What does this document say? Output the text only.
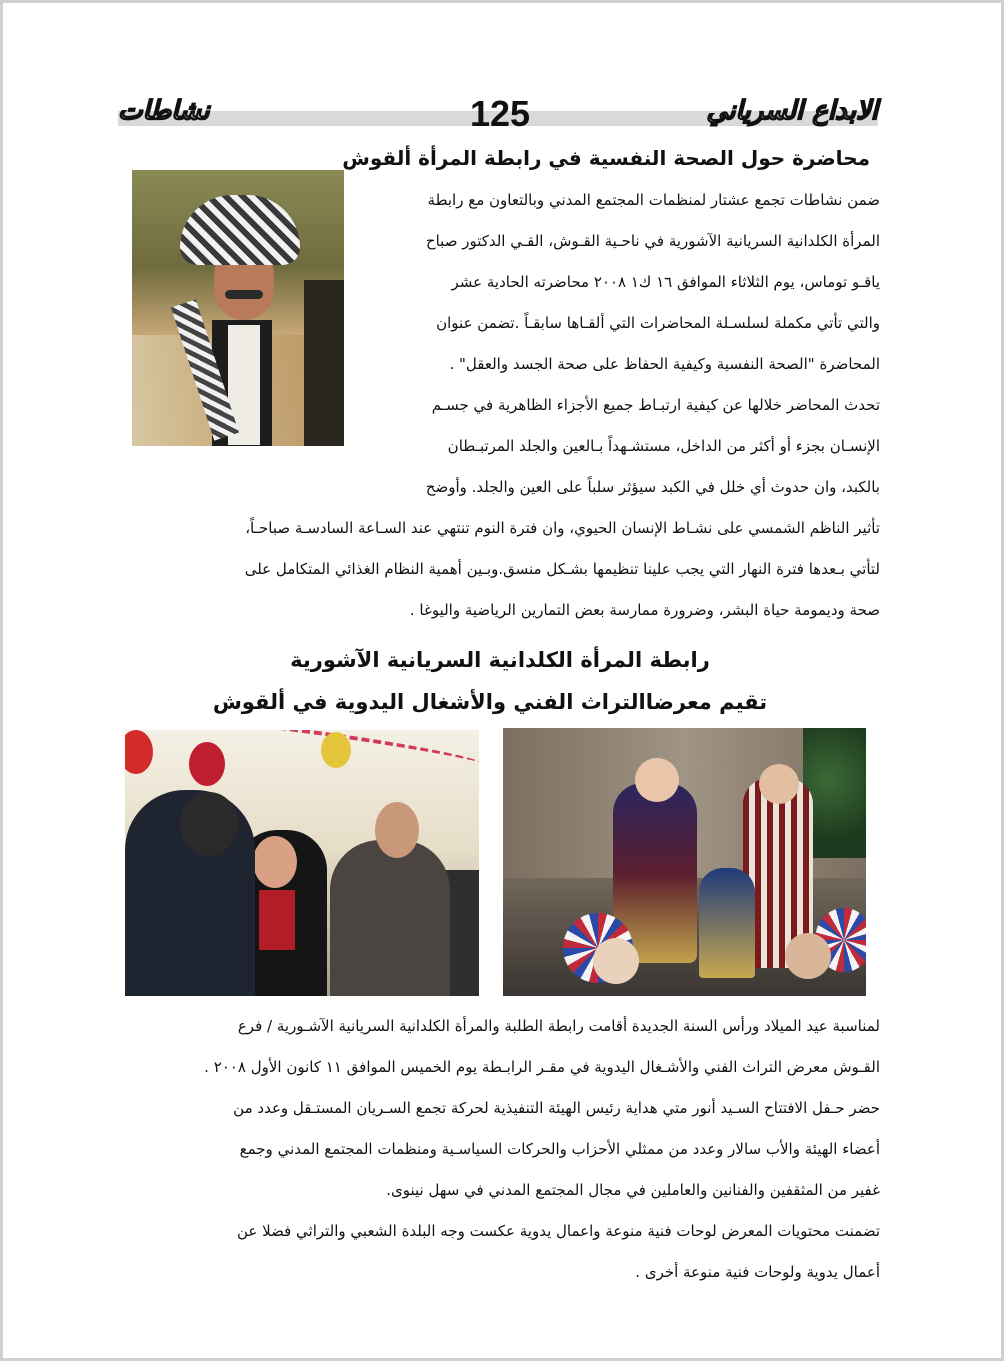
الابداع السرياني
125
نشاطات
محاضرة حول الصحة النفسية في رابطة المرأة ألقوش
ضمن نشاطات تجمع عشتار لمنظمات المجتمع المدني وبالتعاون مع رابطة
المرأة الكلدانية السريانية الآشورية في ناحـية القـوش، القـي الدكتور صباح
ياقـو توماس، يوم الثلاثاء الموافق ١٦ ك١ ٢٠٠٨ محاضرته الحادية عشر
والتي تأتي مكملة لسلسـلة المحاضرات التي ألقـاها سابقـاً .تضمن عنوان
المحاضرة "الصحة النفسية وكيفية الحفاظ على صحة الجسد والعقل" .
تحدث المحاضر خلالها عن كيفية ارتبـاط جميع الأجزاء الظاهرية في جسـم
الإنسـان بجزء أو أكثر من الداخل، مستشـهداً بـالعين والجلد المرتبـطان
بالكبد، وان حدوث أي خلل في الكبد سيؤثر سلباً على العين والجلد. وأوضح
تأثير الناظم الشمسي على نشـاط الإنسان الحيوي، وان فترة النوم تنتهي عند السـاعة السادسـة صباحـاً،
لتأتي بـعدها فترة النهار التي يجب علينا تنظيمها بشـكل منسق.وبـين أهمية النظام الغذائي المتكامل على
صحة وديمومة حياة البشر، وضرورة ممارسة بعض التمارين الرياضية واليوغا .
رابطة المرأة الكلدانية السريانية الآشورية
تقيم معرضاالتراث الفني والأشغال اليدوية في ألقوش
لمناسبة عيد الميلاد ورأس السنة الجديدة أقامت رابطة الطلبة والمرأة الكلدانية السريانية الآشـورية / فرع
القـوش معرض التراث الفني والأشـغال اليدوية في مقـر الرابـطة يوم الخميس الموافق ١١ كانون الأول ٢٠٠٨ .
حضر حـفل الافتتاح السـيد أنور متي هداية رئيس الهيئة التنفيذية لحركة تجمع السـريان المستـقل وعدد من
أعضاء الهيئة والأب سالار وعدد من ممثلي الأحزاب والحركات السياسـية ومنظمات المجتمع المدني وجمع
غفير من المثقفين والفنانين والعاملين في مجال المجتمع المدني في سهل نينوى.
تضمنت محتويات المعرض لوحات فنية منوعة واعمال يدوية عكست وجه البلدة الشعبي والتراثي فضلا عن
أعمال يدوية ولوحات فنية منوعة أخرى .
